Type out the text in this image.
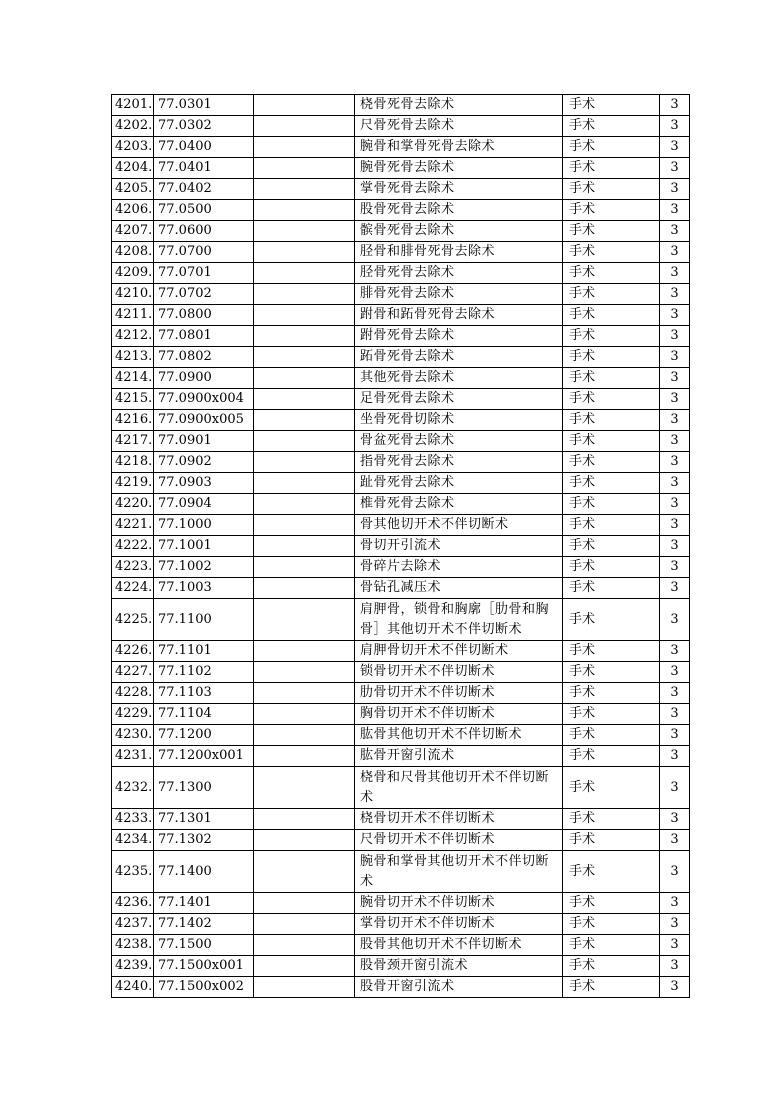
4201.	77.0301		桡骨死骨去除术	手术	3
4202.	77.0302		尺骨死骨去除术	手术	3
4203.	77.0400		腕骨和掌骨死骨去除术	手术	3
4204.	77.0401		腕骨死骨去除术	手术	3
4205.	77.0402		掌骨死骨去除术	手术	3
4206.	77.0500		股骨死骨去除术	手术	3
4207.	77.0600		髌骨死骨去除术	手术	3
4208.	77.0700		胫骨和腓骨死骨去除术	手术	3
4209.	77.0701		胫骨死骨去除术	手术	3
4210.	77.0702		腓骨死骨去除术	手术	3
4211.	77.0800		跗骨和跖骨死骨去除术	手术	3
4212.	77.0801		跗骨死骨去除术	手术	3
4213.	77.0802		跖骨死骨去除术	手术	3
4214.	77.0900		其他死骨去除术	手术	3
4215.	77.0900x004		足骨死骨去除术	手术	3
4216.	77.0900x005		坐骨死骨切除术	手术	3
4217.	77.0901		骨盆死骨去除术	手术	3
4218.	77.0902		指骨死骨去除术	手术	3
4219.	77.0903		趾骨死骨去除术	手术	3
4220.	77.0904		椎骨死骨去除术	手术	3
4221.	77.1000		骨其他切开术不伴切断术	手术	3
4222.	77.1001		骨切开引流术	手术	3
4223.	77.1002		骨碎片去除术	手术	3
4224.	77.1003		骨钻孔减压术	手术	3
4225.	77.1100		肩胛骨，锁骨和胸廓［肋骨和胸骨］其他切开术不伴切断术	手术	3
4226.	77.1101		肩胛骨切开术不伴切断术	手术	3
4227.	77.1102		锁骨切开术不伴切断术	手术	3
4228.	77.1103		肋骨切开术不伴切断术	手术	3
4229.	77.1104		胸骨切开术不伴切断术	手术	3
4230.	77.1200		肱骨其他切开术不伴切断术	手术	3
4231.	77.1200x001		肱骨开窗引流术	手术	3
4232.	77.1300		桡骨和尺骨其他切开术不伴切断术	手术	3
4233.	77.1301		桡骨切开术不伴切断术	手术	3
4234.	77.1302		尺骨切开术不伴切断术	手术	3
4235.	77.1400		腕骨和掌骨其他切开术不伴切断术	手术	3
4236.	77.1401		腕骨切开术不伴切断术	手术	3
4237.	77.1402		掌骨切开术不伴切断术	手术	3
4238.	77.1500		股骨其他切开术不伴切断术	手术	3
4239.	77.1500x001		股骨颈开窗引流术	手术	3
4240.	77.1500x002		股骨开窗引流术	手术	3
